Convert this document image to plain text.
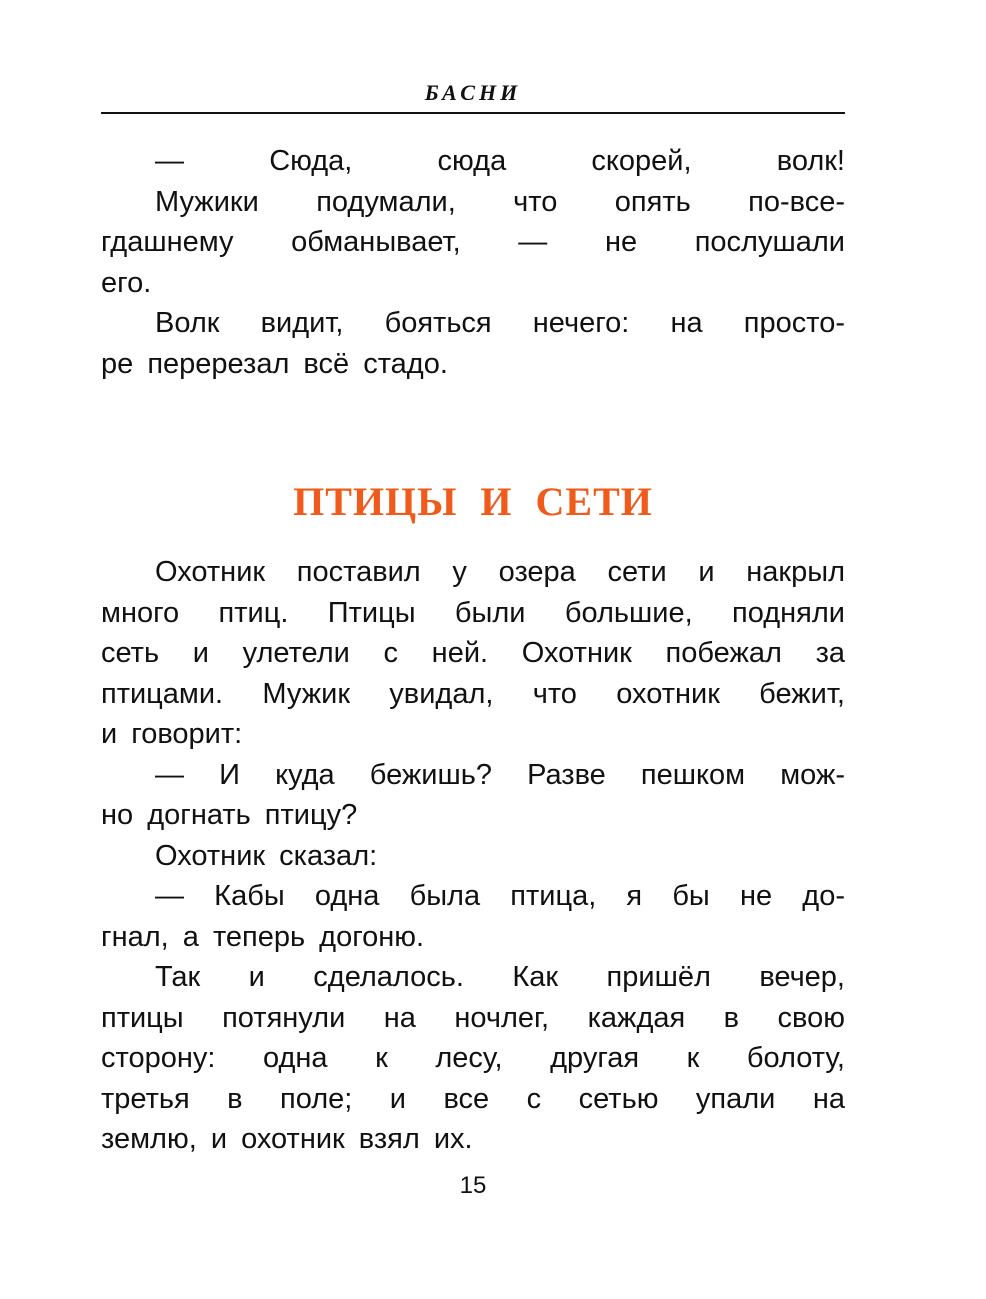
БАСНИ
— Сюда, сюда скорей, волк!
Мужики подумали, что опять по-все-
гдашнему обманывает, — не послушали
его.
Волк видит, бояться нечего: на просто-
ре перерезал всё стадо.
ПТИЦЫ И СЕТИ
Охотник поставил у озера сети и накрыл
много птиц. Птицы были большие, подняли
сеть и улетели с ней. Охотник побежал за
птицами. Мужик увидал, что охотник бежит,
и говорит:
— И куда бежишь? Разве пешком мож-
но догнать птицу?
Охотник сказал:
— Кабы одна была птица, я бы не до-
гнал, а теперь догоню.
Так и сделалось. Как пришёл вечер,
птицы потянули на ночлег, каждая в свою
сторону: одна к лесу, другая к болоту,
третья в поле; и все с сетью упали на
землю, и охотник взял их.
15
